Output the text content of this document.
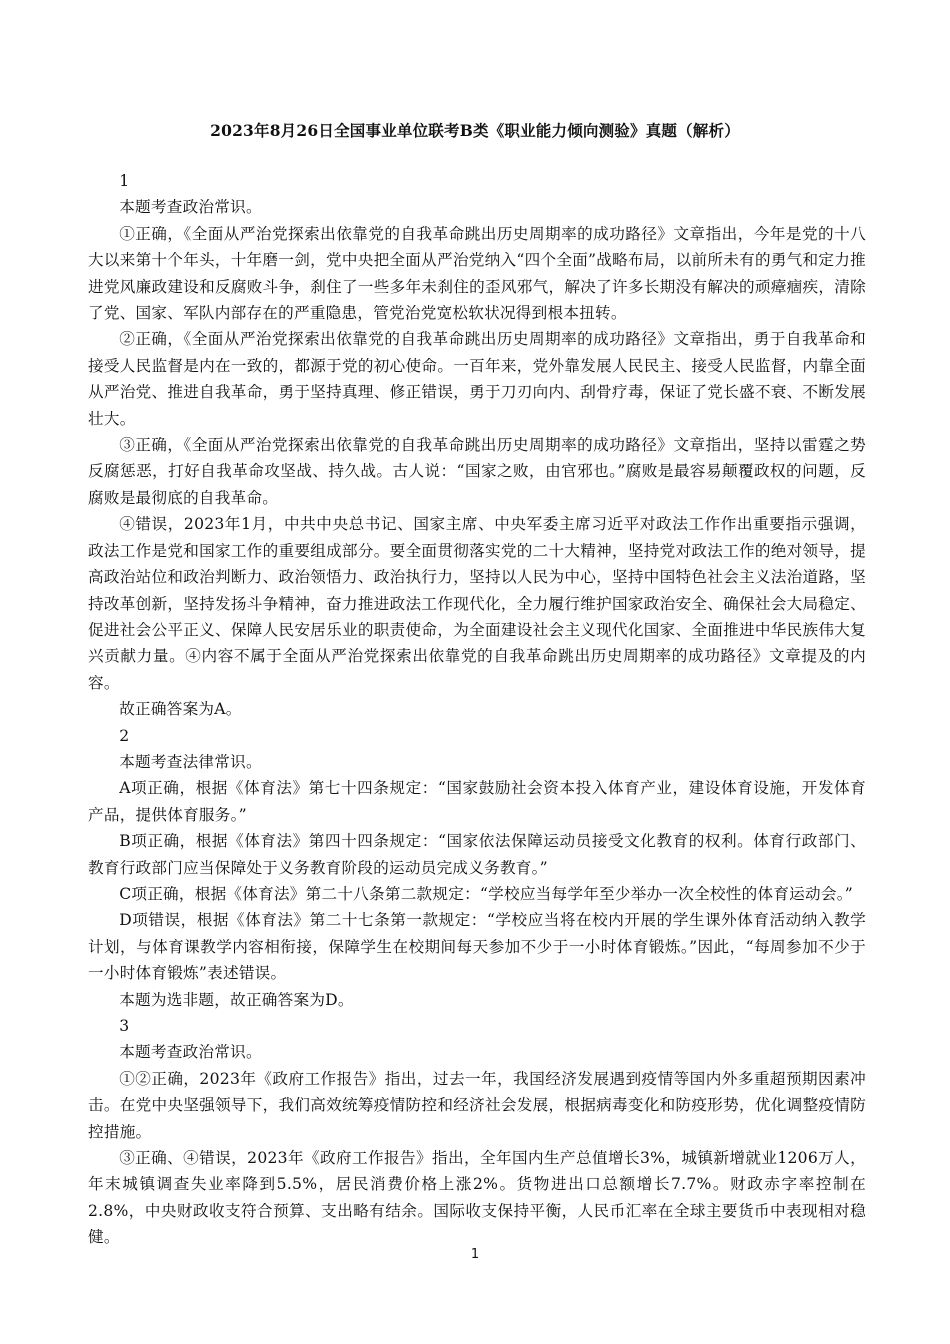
2023年8月26日全国事业单位联考B类《职业能力倾向测验》真题（解析）

1

本题考查政治常识。

①正确，《全面从严治党探索出依靠党的自我革命跳出历史周期率的成功路径》文章指出，今年是党的十八大以来第十个年头，十年磨一剑，党中央把全面从严治党纳入“四个全面”战略布局，以前所未有的勇气和定力推进党风廉政建设和反腐败斗争，刹住了一些多年未刹住的歪风邪气，解决了许多长期没有解决的顽瘴痼疾，清除了党、国家、军队内部存在的严重隐患，管党治党宽松软状况得到根本扭转。

②正确，《全面从严治党探索出依靠党的自我革命跳出历史周期率的成功路径》文章指出，勇于自我革命和接受人民监督是内在一致的，都源于党的初心使命。一百年来，党外靠发展人民民主、接受人民监督，内靠全面从严治党、推进自我革命，勇于坚持真理、修正错误，勇于刀刃向内、刮骨疗毒，保证了党长盛不衰、不断发展壮大。

③正确，《全面从严治党探索出依靠党的自我革命跳出历史周期率的成功路径》文章指出，坚持以雷霆之势反腐惩恶，打好自我革命攻坚战、持久战。古人说：“国家之败，由官邪也。”腐败是最容易颠覆政权的问题，反腐败是最彻底的自我革命。

④错误，2023年1月，中共中央总书记、国家主席、中央军委主席习近平对政法工作作出重要指示强调，政法工作是党和国家工作的重要组成部分。要全面贯彻落实党的二十大精神，坚持党对政法工作的绝对领导，提高政治站位和政治判断力、政治领悟力、政治执行力，坚持以人民为中心，坚持中国特色社会主义法治道路，坚持改革创新，坚持发扬斗争精神，奋力推进政法工作现代化，全力履行维护国家政治安全、确保社会大局稳定、促进社会公平正义、保障人民安居乐业的职责使命，为全面建设社会主义现代化国家、全面推进中华民族伟大复兴贡献力量。④内容不属于全面从严治党探索出依靠党的自我革命跳出历史周期率的成功路径》文章提及的内容。

故正确答案为A。

2

本题考查法律常识。

A项正确，根据《体育法》第七十四条规定：“国家鼓励社会资本投入体育产业，建设体育设施，开发体育产品，提供体育服务。”

B项正确，根据《体育法》第四十四条规定：“国家依法保障运动员接受文化教育的权利。体育行政部门、教育行政部门应当保障处于义务教育阶段的运动员完成义务教育。”

C项正确，根据《体育法》第二十八条第二款规定：“学校应当每学年至少举办一次全校性的体育运动会。”

D项错误，根据《体育法》第二十七条第一款规定：“学校应当将在校内开展的学生课外体育活动纳入教学计划，与体育课教学内容相衔接，保障学生在校期间每天参加不少于一小时体育锻炼。”因此，“每周参加不少于一小时体育锻炼”表述错误。

本题为选非题，故正确答案为D。

3

本题考查政治常识。

①②正确，2023年《政府工作报告》指出，过去一年，我国经济发展遇到疫情等国内外多重超预期因素冲击。在党中央坚强领导下，我们高效统筹疫情防控和经济社会发展，根据病毒变化和防疫形势，优化调整疫情防控措施。

③正确、④错误，2023年《政府工作报告》指出，全年国内生产总值增长3%，城镇新增就业1206万人，年末城镇调查失业率降到5.5%，居民消费价格上涨2%。货物进出口总额增长7.7%。财政赤字率控制在2.8%，中央财政收支符合预算、支出略有结余。国际收支保持平衡，人民币汇率在全球主要货币中表现相对稳健。

1
